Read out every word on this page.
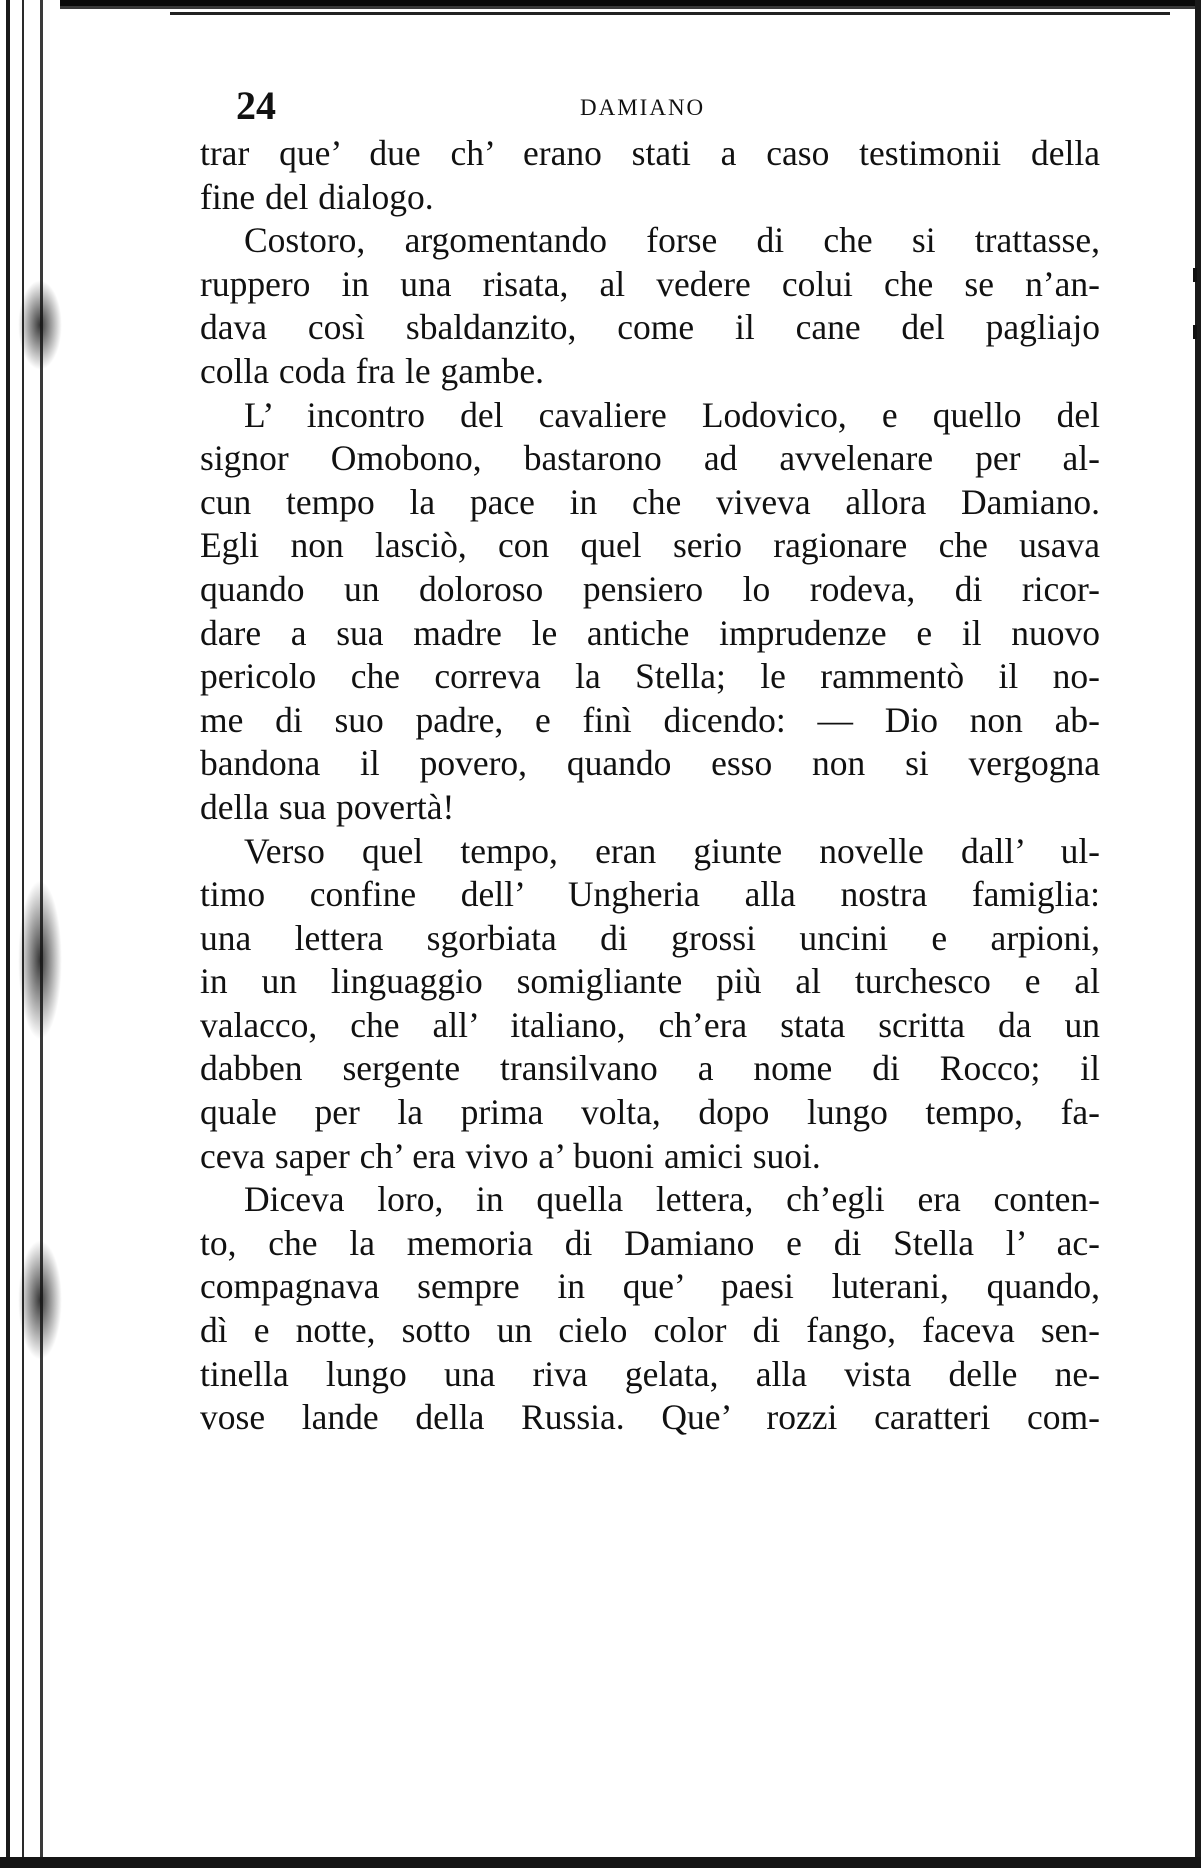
24	DAMIANO

trar que’ due ch’ erano stati a caso testimonii della
fine del dialogo.

Costoro, argomentando forse di che si trattasse,
ruppero in una risata, al vedere colui che se n’an-
dava così sbaldanzito, come il cane del pagliajo
colla coda fra le gambe.

L’ incontro del cavaliere Lodovico, e quello del
signor Omobono, bastarono ad avvelenare per al-
cun tempo la pace in che viveva allora Damiano.
Egli non lasciò, con quel serio ragionare che usava
quando un doloroso pensiero lo rodeva, di ricor-
dare a sua madre le antiche imprudenze e il nuovo
pericolo che correva la Stella; le rammentò il no-
me di suo padre, e finì dicendo: — Dio non ab-
bandona il povero, quando esso non si vergogna
della sua povertà!

Verso quel tempo, eran giunte novelle dall’ ul-
timo confine dell’ Ungheria alla nostra famiglia:
una lettera sgorbiata di grossi uncini e arpioni,
in un linguaggio somigliante più al turchesco e al
valacco, che all’ italiano, ch’era stata scritta da un
dabben sergente transilvano a nome di Rocco; il
quale per la prima volta, dopo lungo tempo, fa-
ceva saper ch’ era vivo a’ buoni amici suoi.

Diceva loro, in quella lettera, ch’egli era conten-
to, che la memoria di Damiano e di Stella l’ ac-
compagnava sempre in que’ paesi luterani, quando,
dì e notte, sotto un cielo color di fango, faceva sen-
tinella lungo una riva gelata, alla vista delle ne-
vose lande della Russia. Que’ rozzi caratteri com-
